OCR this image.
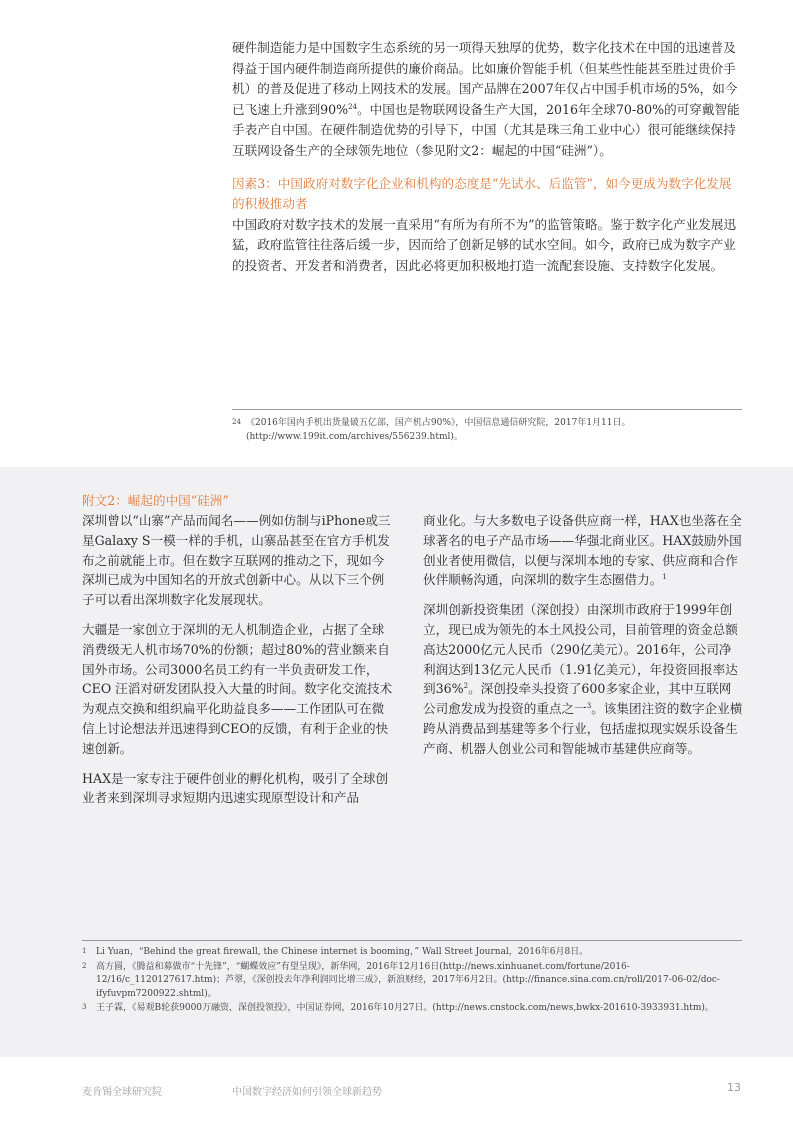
硬件制造能力是中国数字生态系统的另一项得天独厚的优势，数字化技术在中国的迅速普及得益于国内硬件制造商所提供的廉价商品。比如廉价智能手机（但某些性能甚至胜过贵价手机）的普及促进了移动上网技术的发展。国产品牌在2007年仅占中国手机市场的5%，如今已飞速上升涨到90%$^{24}$。中国也是物联网设备生产大国，2016年全球70-80%的可穿戴智能手表产自中国。在硬件制造优势的引导下，中国（尤其是珠三角工业中心）很可能继续保持互联网设备生产的全球领先地位（参见附文2：崛起的中国“硅洲”）。

因素3：中国政府对数字化企业和机构的态度是“先试水、后监管”，如今更成为数字化发展的积极推动者

中国政府对数字技术的发展一直采用“有所为有所不为”的监管策略。鉴于数字化产业发展迅猛，政府监管往往落后缓一步，因而给了创新足够的试水空间。如今，政府已成为数字产业的投资者、开发者和消费者，因此必将更加积极地打造一流配套设施、支持数字化发展。

24 《2016年国内手机出货量破五亿部，国产机占90%》，中国信息通信研究院，2017年1月11日。(http://www.199it.com/archives/556239.html)。
附文2：崛起的中国“硅洲”

深圳曾以“山寨”产品而闻名——例如仿制与iPhone或三星Galaxy S一模一样的手机，山寨品甚至在官方手机发布之前就能上市。但在数字互联网的推动之下，现如今深圳已成为中国知名的开放式创新中心。从以下三个例子可以看出深圳数字化发展现状。

大疆是一家创立于深圳的无人机制造企业，占据了全球消费级无人机市场70%的份额；超过80%的营业额来自国外市场。公司3000名员工约有一半负责研发工作，CEO 汪滔对研发团队投入大量的时间。数字化交流技术为观点交换和组织扁平化助益良多——工作团队可在微信上讨论想法并迅速得到CEO的反馈，有利于企业的快速创新。

HAX是一家专注于硬件创业的孵化机构，吸引了全球创业者来到深圳寻求短期内迅速实现原型设计和产品

商业化。与大多数电子设备供应商一样，HAX也坐落在全球著名的电子产品市场——华强北商业区。HAX鼓励外国创业者使用微信，以便与深圳本地的专家、供应商和合作伙伴顺畅沟通，向深圳的数字生态圈借力。$^1$

深圳创新投资集团（深创投）由深圳市政府于1999年创立，现已成为领先的本土风投公司，目前管理的资金总额高达2000亿元人民币（290亿美元）。2016年，公司净利润达到13亿元人民币（1.91亿美元），年投资回报率达到36%$^2$。深创投牵头投资了600多家企业，其中互联网公司愈发成为投资的重点之一$^3$。该集团注资的数字企业横跨从消费品到基建等多个行业，包括虚拟现实娱乐设备生产商、机器人创业公司和智能城市基建供应商等。

1	Li Yuan，“Behind the great firewall, the Chinese internet is booming，” Wall Street Journal，2016年6月8日。
2	高方圆，《腾益和募做市“十先锋”，“蝴蝶效应”有望呈现》，新华网，2016年12月16日(http://news.xinhuanet.com/fortune/2016-12/16/c_1120127617.htm)；芦翠，《深创投去年净利润同比增三成》，新浪财经，2017年6月2日。(http://finance.sina.com.cn/roll/2017-06-02/doc-ifyfuvpm7200922.shtml)。
3	王子霖，《易观B轮获9000万融资，深创投领投》，中国证券网，2016年10月27日。(http://news.cnstock.com/news,bwkx-201610-3933931.htm)。
麦肯锡全球研究院	中国数字经济如何引领全球新趋势	13
